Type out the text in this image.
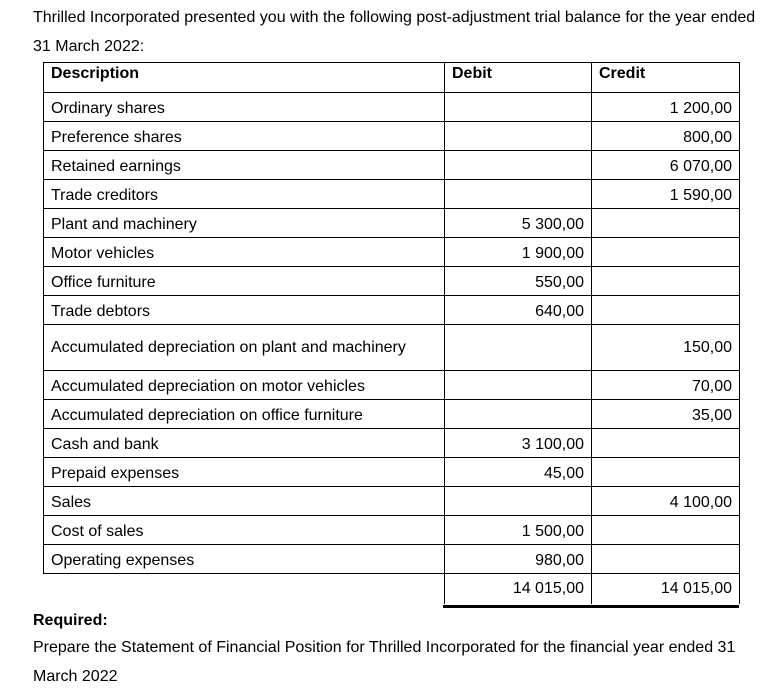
Thrilled Incorporated presented you with the following post-adjustment trial balance for the year ended
31 March 2022:
Description	Debit	Credit
Ordinary shares		1 200,00
Preference shares		800,00
Retained earnings		6 070,00
Trade creditors		1 590,00
Plant and machinery	5 300,00	
Motor vehicles	1 900,00	
Office furniture	550,00	
Trade debtors	640,00	
Accumulated depreciation on plant and machinery		150,00
Accumulated depreciation on motor vehicles		70,00
Accumulated depreciation on office furniture		35,00
Cash and bank	3 100,00	
Prepaid expenses	45,00	
Sales		4 100,00
Cost of sales	1 500,00	
Operating expenses	980,00	
	14 015,00	14 015,00
Required:
Prepare the Statement of Financial Position for Thrilled Incorporated for the financial year ended 31
March 2022
